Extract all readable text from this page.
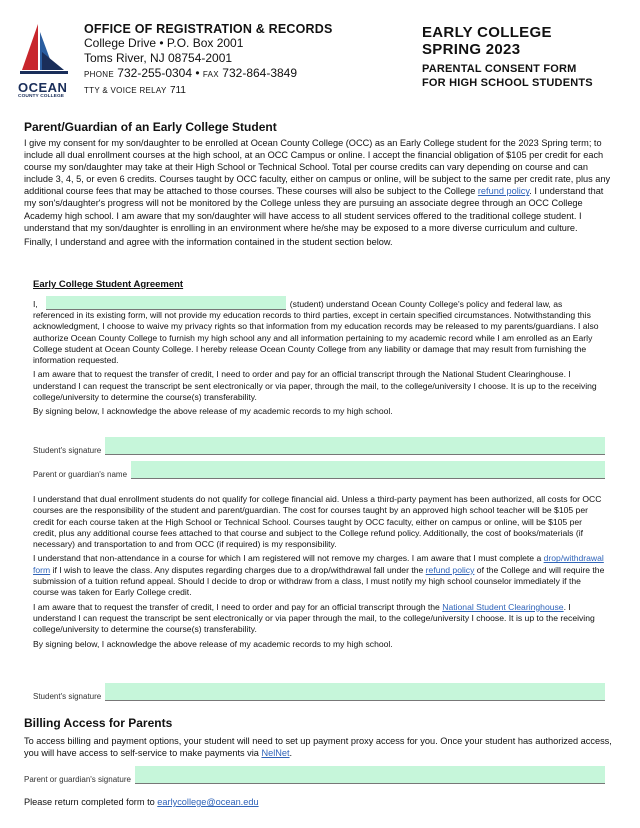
OCEAN
COUNTY COLLEGE
OFFICE OF REGISTRATION & RECORDS
College Drive • P.O. Box 2001
Toms River, NJ 08754-2001
PHONE 732-255-0304 • FAX 732-864-3849
TTY & VOICE RELAY 711
EARLY COLLEGE
SPRING 2023
PARENTAL CONSENT FORM
FOR HIGH SCHOOL STUDENTS
Parent/Guardian of an Early College Student
I give my consent for my son/daughter to be enrolled at Ocean County College (OCC) as an Early College student for the 2023 Spring term; to include all dual enrollment courses at the high school, at an OCC Campus or online. I accept the financial obligation of $105 per credit for each course my son/daughter may take at their High School or Technical School. Total per course credits can vary depending on course and can include 3, 4, 5, or even 6 credits. Courses taught by OCC faculty, either on campus or online, will be subject to the same per credit rate, plus any additional course fees that may be attached to those courses. These courses will also be subject to the College refund policy. I understand that my son's/daughter's progress will not be monitored by the College unless they are pursuing an associate degree through an OCC College Academy high school. I am aware that my son/daughter will have access to all student services offered to the traditional college student. I understand that my son/daughter is enrolling in an environment where he/she may be exposed to a more diverse curriculum and culture.
Finally, I understand and agree with the information contained in the student section below.
Early College Student Agreement
I,	(student) understand Ocean County College's policy and federal law, as
referenced in its existing form, will not provide my education records to third parties, except in certain specified circumstances. Notwithstanding this acknowledgment, I choose to waive my privacy rights so that information from my education records may be released to my parents/guardians. I also authorize Ocean County College to furnish my high school any and all information pertaining to my academic record while I am enrolled as an Early College student at Ocean County College. I hereby release Ocean County College from any liability or damage that may result from furnishing the information requested.
I am aware that to request the transfer of credit, I need to order and pay for an official transcript through the National Student Clearinghouse. I understand I can request the transcript be sent electronically or via paper, through the mail, to the college/university I choose. It is up to the receiving college/university to determine the course(s) transferability.
By signing below, I acknowledge the above release of my academic records to my high school.
Student's signature
Parent or guardian's name
I understand that dual enrollment students do not qualify for college financial aid. Unless a third-party payment has been authorized, all costs for OCC courses are the responsibility of the student and parent/guardian. The cost for courses taught by an approved high school teacher will be $105 per credit for each course taken at the High School or Technical School. Courses taught by OCC faculty, either on campus or online, will be $105 per credit, plus any additional course fees attached to that course and subject to the College refund policy. Additionally, the cost of books/materials (if necessary) and transportation to and from OCC (if required) is my responsibility.
I understand that non-attendance in a course for which I am registered will not remove my charges. I am aware that I must complete a drop/withdrawal form if I wish to leave the class. Any disputes regarding charges due to a drop/withdrawal fall under the refund policy of the College and will require the submission of a tuition refund appeal. Should I decide to drop or withdraw from a class, I must notify my high school counselor immediately if the course was taken for Early College credit.
I am aware that to request the transfer of credit, I need to order and pay for an official transcript through the National Student Clearinghouse. I understand I can request the transcript be sent electronically or via paper through the mail, to the college/university I choose. It is up to the receiving college/university to determine the course(s) transferability.
By signing below, I acknowledge the above release of my academic records to my high school.
Student's signature
Billing Access for Parents
To access billing and payment options, your student will need to set up payment proxy access for you. Once your student has authorized access, you will have access to self-service to make payments via NelNet.
Parent or guardian's signature
Please return completed form to earlycollege@ocean.edu
